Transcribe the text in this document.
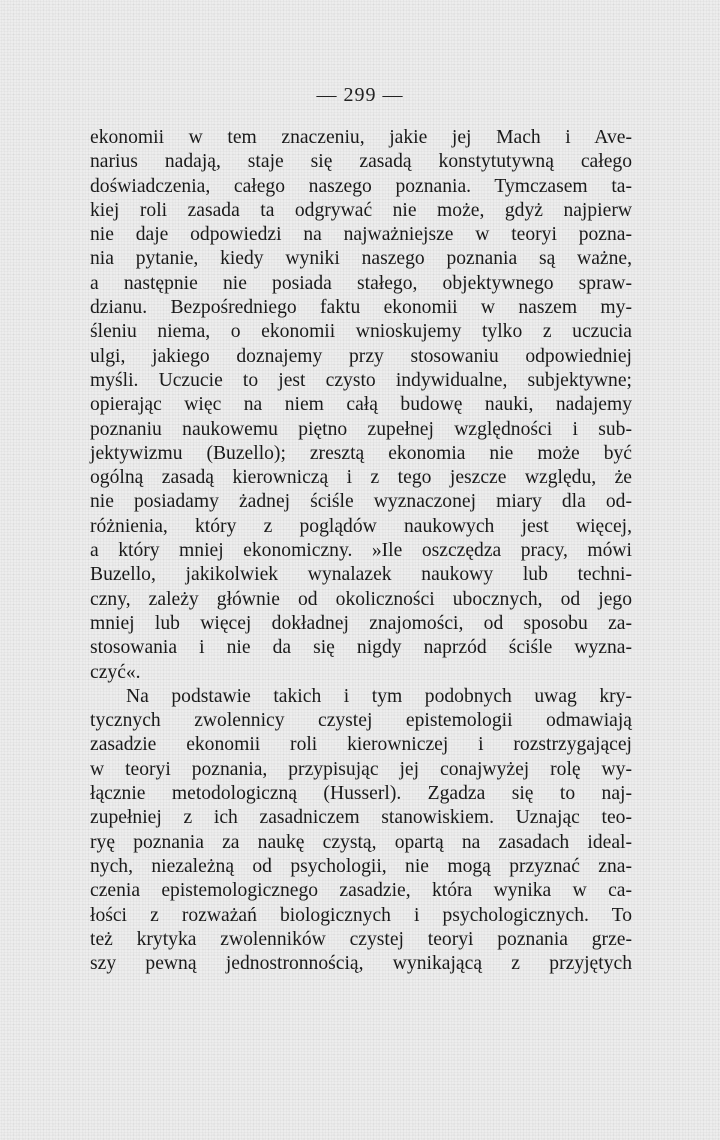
— 299 —
ekonomii w tem znaczeniu, jakie jej Mach i Ave-
narius nadają, staje się zasadą konstytutywną całego
doświadczenia, całego naszego poznania. Tymczasem ta-
kiej roli zasada ta odgrywać nie może, gdyż najpierw
nie daje odpowiedzi na najważniejsze w teoryi pozna-
nia pytanie, kiedy wyniki naszego poznania są ważne,
a następnie nie posiada stałego, objektywnego spraw-
dzianu. Bezpośredniego faktu ekonomii w naszem my-
śleniu niema, o ekonomii wnioskujemy tylko z uczucia
ulgi, jakiego doznajemy przy stosowaniu odpowiedniej
myśli. Uczucie to jest czysto indywidualne, subjektywne;
opierając więc na niem całą budowę nauki, nadajemy
poznaniu naukowemu piętno zupełnej względności i sub-
jektywizmu (Buzello); zresztą ekonomia nie może być
ogólną zasadą kierowniczą i z tego jeszcze względu, że
nie posiadamy żadnej ściśle wyznaczonej miary dla od-
różnienia, który z poglądów naukowych jest więcej,
a który mniej ekonomiczny. »Ile oszczędza pracy, mówi
Buzello, jakikolwiek wynalazek naukowy lub techni-
czny, zależy głównie od okoliczności ubocznych, od jego
mniej lub więcej dokładnej znajomości, od sposobu za-
stosowania i nie da się nigdy naprzód ściśle wyzna-
czyć«.
Na podstawie takich i tym podobnych uwag kry-
tycznych zwolennicy czystej epistemologii odmawiają
zasadzie ekonomii roli kierowniczej i rozstrzygającej
w teoryi poznania, przypisując jej conajwyżej rolę wy-
łącznie metodologiczną (Husserl). Zgadza się to naj-
zupełniej z ich zasadniczem stanowiskiem. Uznając teo-
ryę poznania za naukę czystą, opartą na zasadach ideal-
nych, niezależną od psychologii, nie mogą przyznać zna-
czenia epistemologicznego zasadzie, która wynika w ca-
łości z rozważań biologicznych i psychologicznych. To
też krytyka zwolenników czystej teoryi poznania grze-
szy pewną jednostronnością, wynikającą z przyjętych
